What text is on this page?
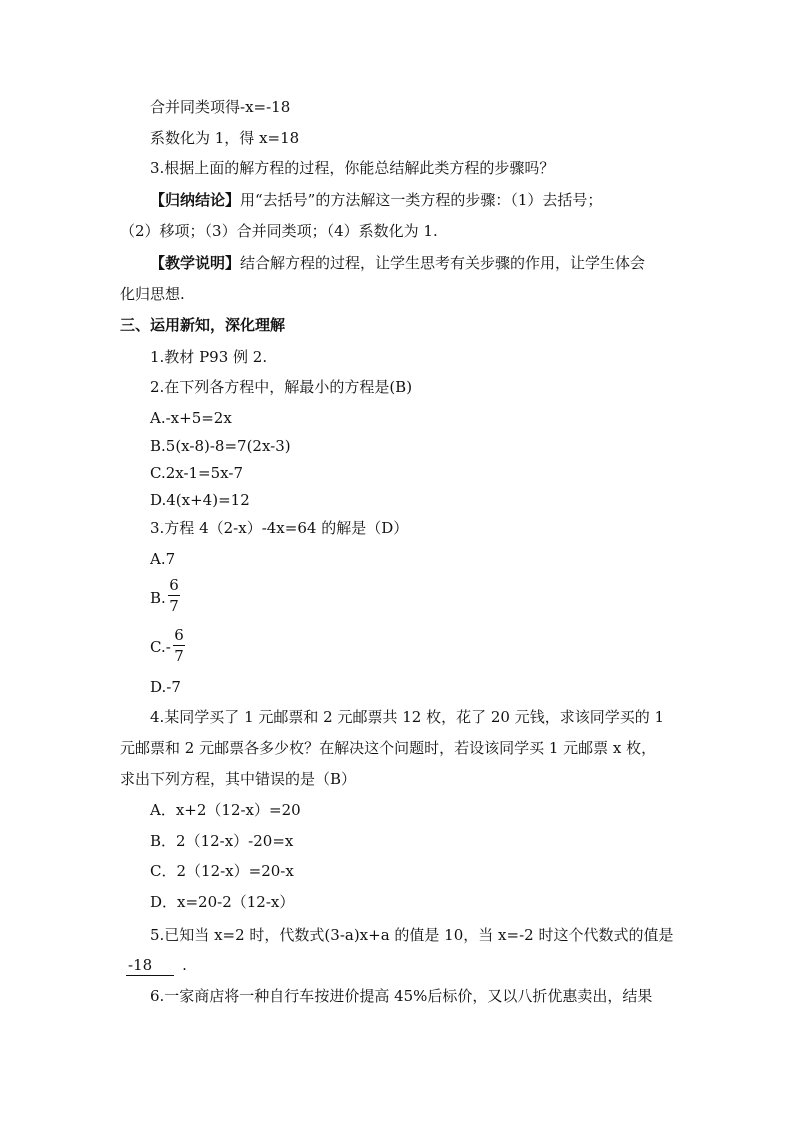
合并同类项得-x=-18
系数化为 1，得 x=18
3.根据上面的解方程的过程，你能总结解此类方程的步骤吗？
【归纳结论】用“去括号”的方法解这一类方程的步骤：（1）去括号；
（2）移项；（3）合并同类项；（4）系数化为 1.
【教学说明】结合解方程的过程，让学生思考有关步骤的作用，让学生体会
化归思想.
三、运用新知，深化理解
1.教材 P93 例 2.
2.在下列各方程中，解最小的方程是(B)
A.-x+5=2x
B.5(x-8)-8=7(2x-3)
C.2x-1=5x-7
D.4(x+4)=12
3.方程 4（2-x）-4x=64 的解是（D）
A.7
B.
6
7
C.-
6
7
D.-7
4.某同学买了 1 元邮票和 2 元邮票共 12 枚，花了 20 元钱，求该同学买的 1
元邮票和 2 元邮票各多少枚？在解决这个问题时，若设该同学买 1 元邮票 x 枚，
求出下列方程，其中错误的是（B）
A．x+2（12-x）=20
B．2（12-x）-20=x
C．2（12-x）=20-x
D．x=20-2（12-x）
5.已知当 x=2 时，代数式(3-a)x+a 的值是 10，当 x=-2 时这个代数式的值是
-18 .
6.一家商店将一种自行车按进价提高 45%后标价，又以八折优惠卖出，结果
